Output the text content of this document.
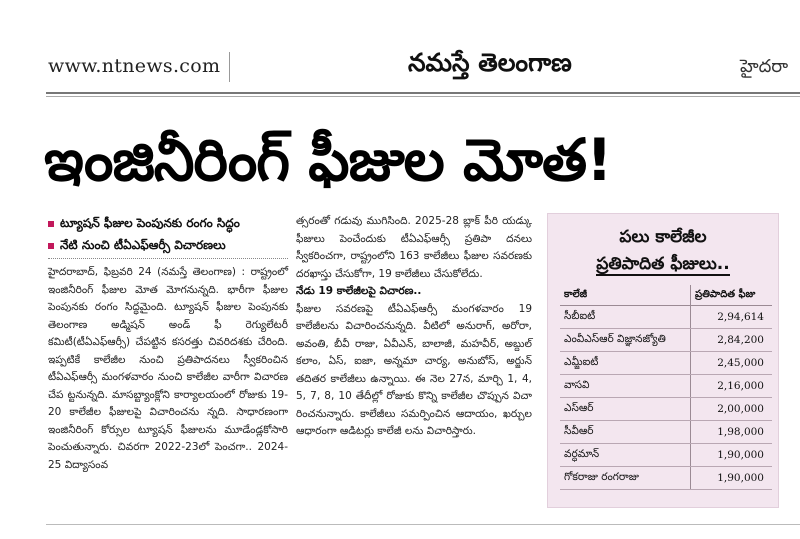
www.ntnews.com	నమస్తే తెలంగాణ	హైదరా
ఇంజినీరింగ్ ఫీజుల మోత!
ట్యూషన్ ఫీజుల పెంపునకు రంగం సిద్ధం
నేటి నుంచి టీఏఎఫ్ఆర్సీ విచారణలు
హైదరాబాద్, ఫిబ్రవరి 24 (నమస్తే తెలంగాణ) : రాష్ట్రంలో ఇంజినీరింగ్ ఫీజుల మోత మోగనున్నది. భారీగా ఫీజుల పెంపునకు రంగం సిద్ధమైంది. ట్యూషన్ ఫీజుల పెంపునకు తెలంగాణ అడ్మిషన్ అండ్ ఫీ రెగ్యులేటరీ కమిటీ(టీఏఎఫ్ఆర్సీ) చేపట్టిన కసరత్తు చివరిదశకు చేరింది. ఇప్పటికే కాలేజీల నుంచి ప్రతిపాదనలు స్వీకరించిన టీఏఎఫ్ఆర్సీ మంగళవారం నుంచి కాలేజీల వారీగా విచారణ చేప ట్టనున్నది. మాసబ్ట్యాంక్లోని కార్యాలయంలో రోజుకు 19-20 కాలేజీల ఫీజులపై విచారించను న్నది. సాధారణంగా ఇంజినీరింగ్ కోర్సుల ట్యూషన్ ఫీజులను మూడేండ్లకోసారి పెంచుతున్నారు. చివరగా 2022-23లో పెంచగా.. 2024-25 విద్యాసంవ
త్సరంతో గడువు ముగిసింది. 2025-28 బ్లాక్ పీరి యడ్కు ఫీజులు పెంచేందుకు టీఏఎఫ్ఆర్సీ ప్రతిపా దనలు స్వీకరించగా, రాష్ట్రంలోని 163 కాలేజీలు ఫీజుల సవరణకు దరఖాస్తు చేసుకోగా, 19 కాలేజీలు చేసుకోలేదు.
నేడు 19 కాలేజీలపై విచారణ..
ఫీజుల సవరణపై టీఏఎఫ్ఆర్సీ మంగళవారం 19 కాలేజీలను విచారించనున్నది. వీటిలో అనురాగ్, అరోరా, అవంతి, బీవీ రాజు, ఏవీఎన్, బాలాజీ, మహవీర్, అబ్దుల్ కలాం, ఏస్, ఐజా, అన్నమా చార్య, అనుబోస్, అర్జున్ తదితర కాలేజీలు ఉన్నాయి. ఈ నెల 27న, మార్చి 1, 4, 5, 7, 8, 10 తేదీల్లో రోజుకు కొన్ని కాలేజీల చొప్పున విచా రించనున్నారు. కాలేజీలు సమర్పించిన ఆదాయం, ఖర్చుల ఆధారంగా ఆడిటర్లు కాలేజీ లను విచారిస్తారు.
పలు కాలేజీల
ప్రతిపాదిత ఫీజులు..
కాలేజీ	ప్రతిపాదిత ఫీజు
సీబీఐటీ	2,94,614
ఎంవీఎస్ఆర్ విజ్ఞానజ్యోతి	2,84,200
ఎమ్జీఐటీ	2,45,000
వాసవి	2,16,000
ఎస్ఆర్	2,00,000
సీవీఆర్	1,98,000
వర్ధమాన్	1,90,000
గోకరాజు రంగరాజు	1,90,000
